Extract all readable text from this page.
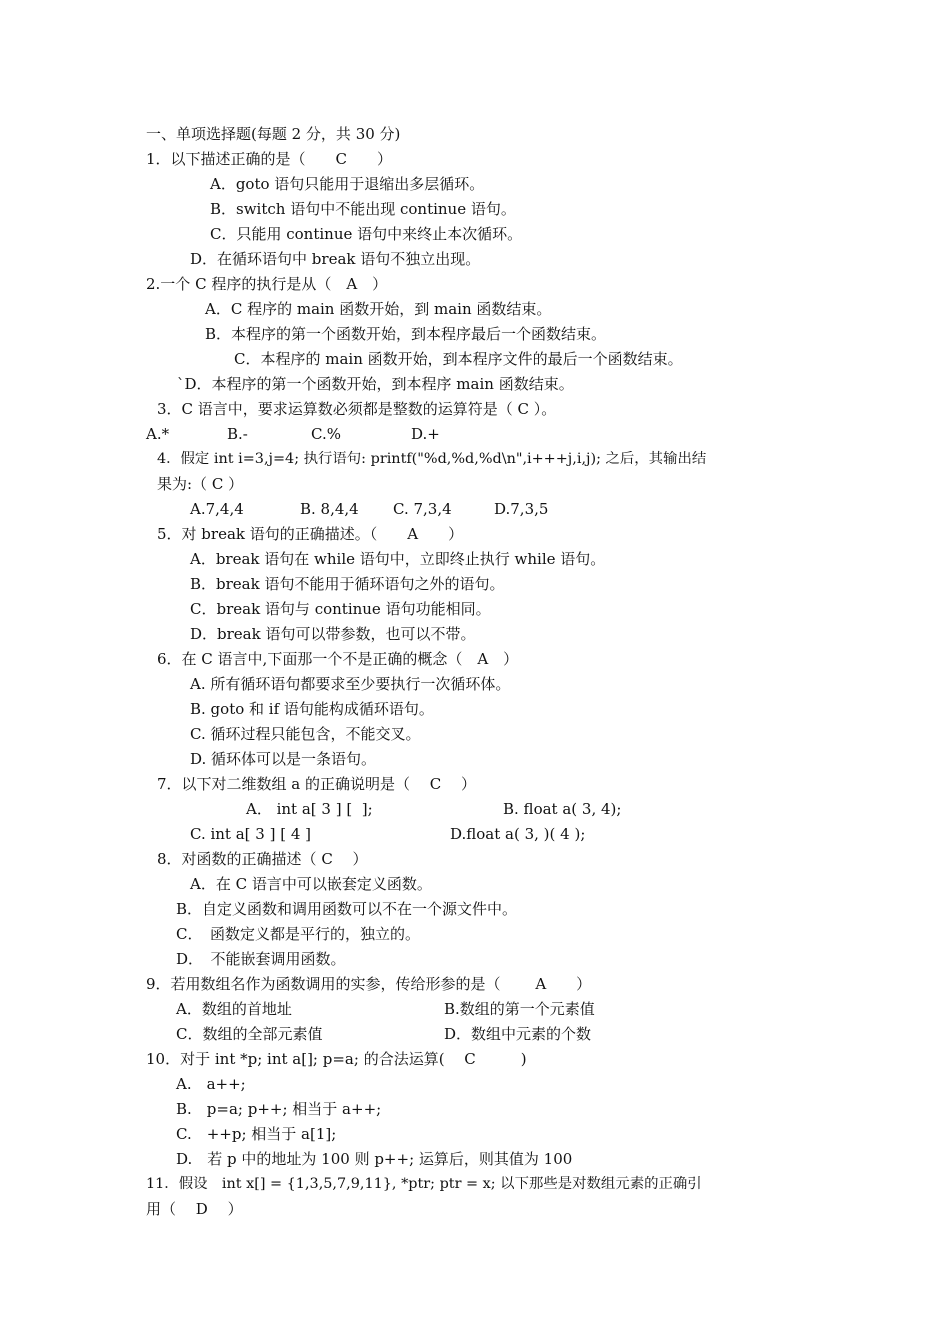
一、单项选择题(每题 2 分，共 30 分)
1．以下描述正确的是（　　C　　）
A．goto 语句只能用于退缩出多层循环。
B．switch 语句中不能出现 continue 语句。
C．只能用 continue 语句中来终止本次循环。
D．在循环语句中 break 语句不独立出现。
2.一个 C 程序的执行是从（　A　）
A．C 程序的 main 函数开始，到 main 函数结束。
B．本程序的第一个函数开始，到本程序最后一个函数结束。
C．本程序的 main 函数开始，到本程序文件的最后一个函数结束。
`D．本程序的第一个函数开始，到本程序 main 函数结束。
3．C 语言中，要求运算数必须都是整数的运算符是（ C ）。
A.*	B.-	C.%	D.+
4．假定 int i=3,j=4; 执行语句: printf("%d,%d,%d\n",i+++j,i,j); 之后，其输出结
果为:（ C ）
A.7,4,4	B. 8,4,4 C. 7,3,4	D.7,3,5
5．对 break 语句的正确描述。（　　A　　）
A．break 语句在 while 语句中，立即终止执行 while 语句。
B．break 语句不能用于循环语句之外的语句。
C．break 语句与 continue 语句功能相同。
D．break 语句可以带参数，也可以不带。
6．在 C 语言中,下面那一个不是正确的概念（　A　）
A. 所有循环语句都要求至少要执行一次循环体。
B. goto 和 if 语句能构成循环语句。
C. 循环过程只能包含，不能交叉。
D. 循环体可以是一条语句。
7．以下对二维数组 a 的正确说明是（　 C　 ）
A． int a[ 3 ] [  ];	B. float a( 3, 4);
C. int a[ 3 ] [ 4 ]	D.float a( 3, )( 4 );
8．对函数的正确描述（ C　 ）
A．在 C 语言中可以嵌套定义函数。
B．自定义函数和调用函数可以不在一个源文件中。
C．　函数定义都是平行的，独立的。
D．　不能嵌套调用函数。
9．若用数组名作为函数调用的实参，传给形参的是（　　 A　　）
A．数组的首地址	B.数组的第一个元素值
C．数组的全部元素值	D．数组中元素的个数
10．对于 int *p; int a[]; p=a; 的合法运算(　 C　　　)
A.　a++;
B.　p=a; p++; 相当于 a++;
C.　++p; 相当于 a[1];
D.　若 p 中的地址为 100 则 p++; 运算后，则其值为 100
11．假设　int x[] = {1,3,5,7,9,11}, *ptr; ptr = x; 以下那些是对数组元素的正确引
用（　 D　 ）
